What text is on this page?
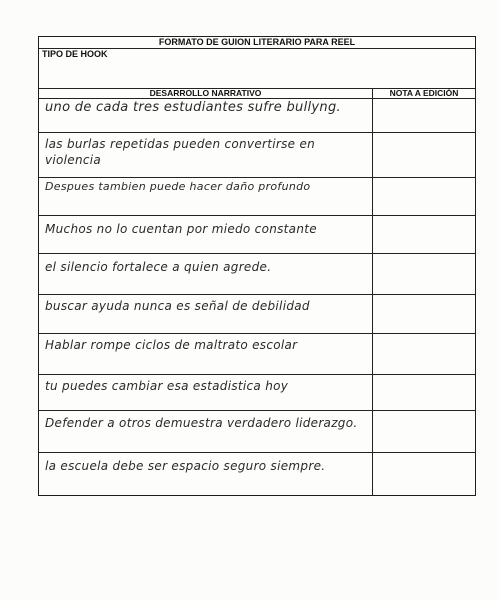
FORMATO DE GUION LITERARIO PARA REEL
TIPO DE HOOK
DESARROLLO NARRATIVO	NOTA A EDICIÓN
uno de cada tres estudiantes sufre bullyng.
las burlas repetidas pueden convertirse en violencia
Despues tambien puede hacer daño profundo
Muchos no lo cuentan por miedo constante
el silencio fortalece a quien agrede.
buscar ayuda nunca es señal de debilidad
Hablar rompe ciclos de maltrato escolar
tu puedes cambiar esa estadistica hoy
Defender a otros demuestra verdadero liderazgo.
la escuela debe ser espacio seguro siempre.
